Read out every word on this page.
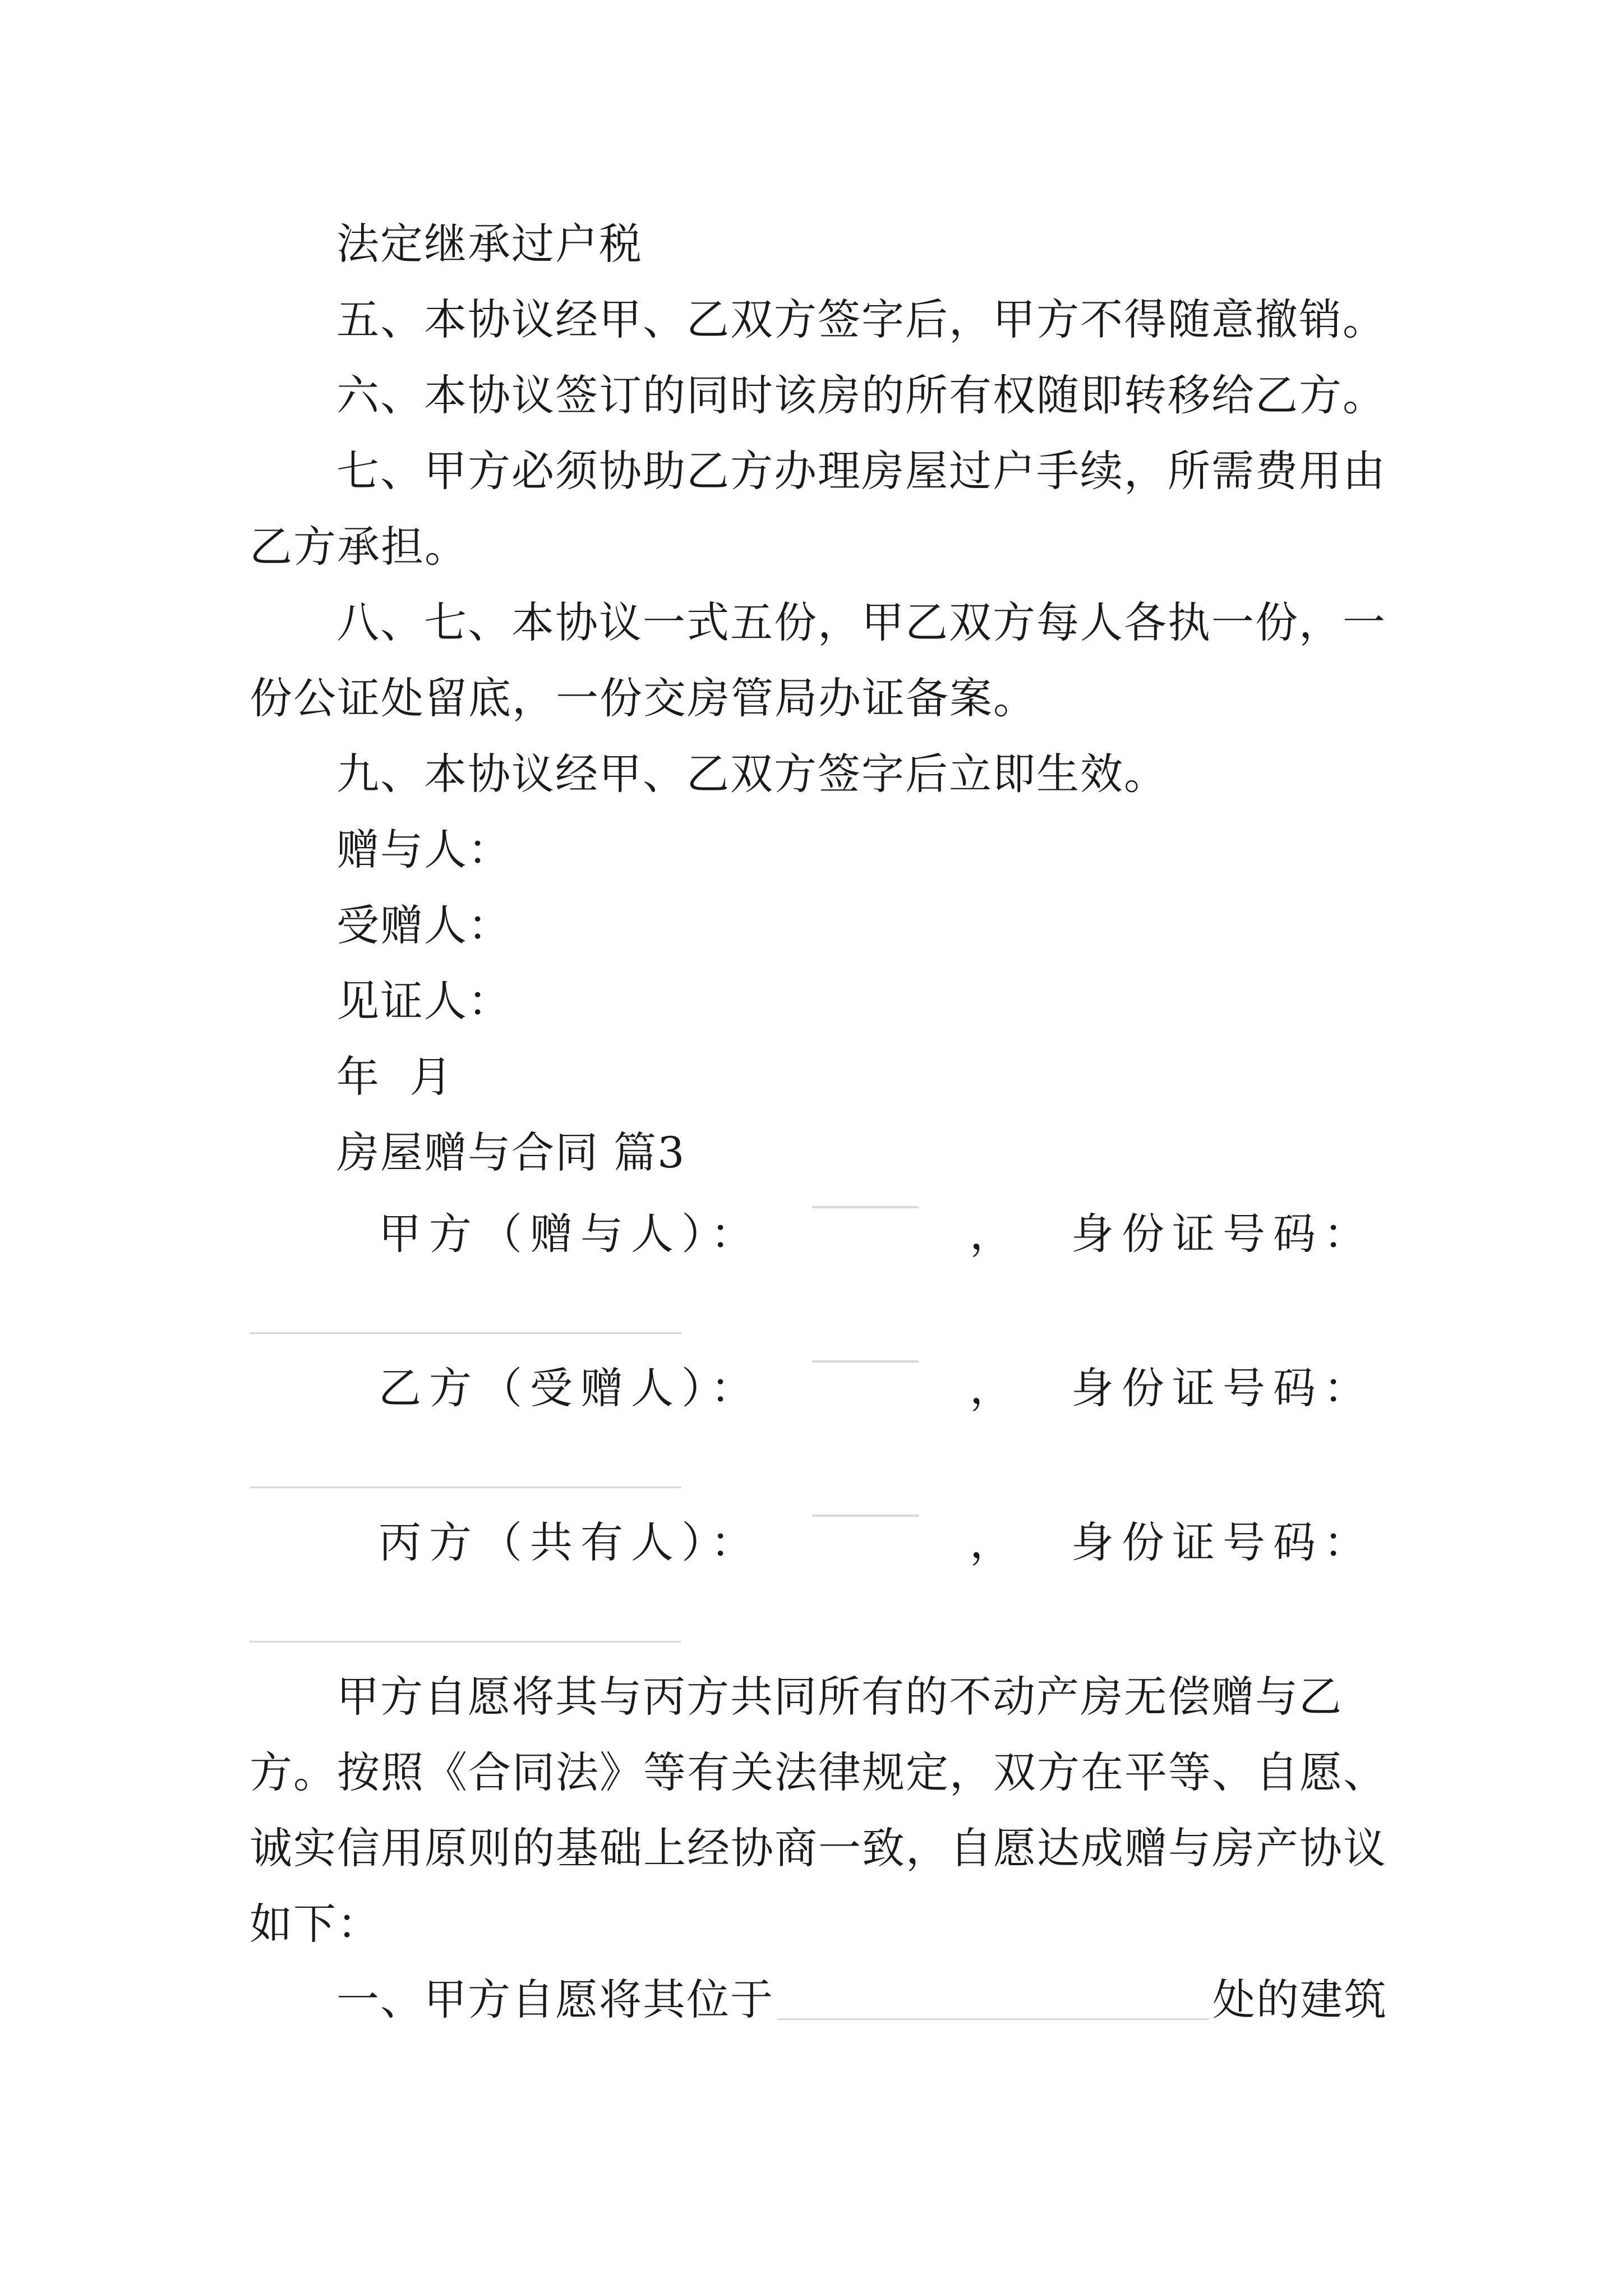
法定继承过户税
五、本协议经甲、乙双方签字后，甲方不得随意撤销。
六、本协议签订的同时该房的所有权随即转移给乙方。
七、甲方必须协助乙方办理房屋过户手续，所需费用由
乙方承担。
八、七、本协议一式五份，甲乙双方每人各执一份，一
份公证处留底，一份交房管局办证备案。
九、本协议经甲、乙双方签字后立即生效。
赠与人：
受赠人：
见证人：
年 月
房屋赠与合同 篇3
甲方（赠与人）：	， 身份证号码：
乙方（受赠人）：	， 身份证号码：
丙方（共有人）：	， 身份证号码：
甲方自愿将其与丙方共同所有的不动产房无偿赠与乙
方。按照《合同法》等有关法律规定，双方在平等、自愿、
诚实信用原则的基础上经协商一致，自愿达成赠与房产协议
如下：
一、甲方自愿将其位于	处的建筑
